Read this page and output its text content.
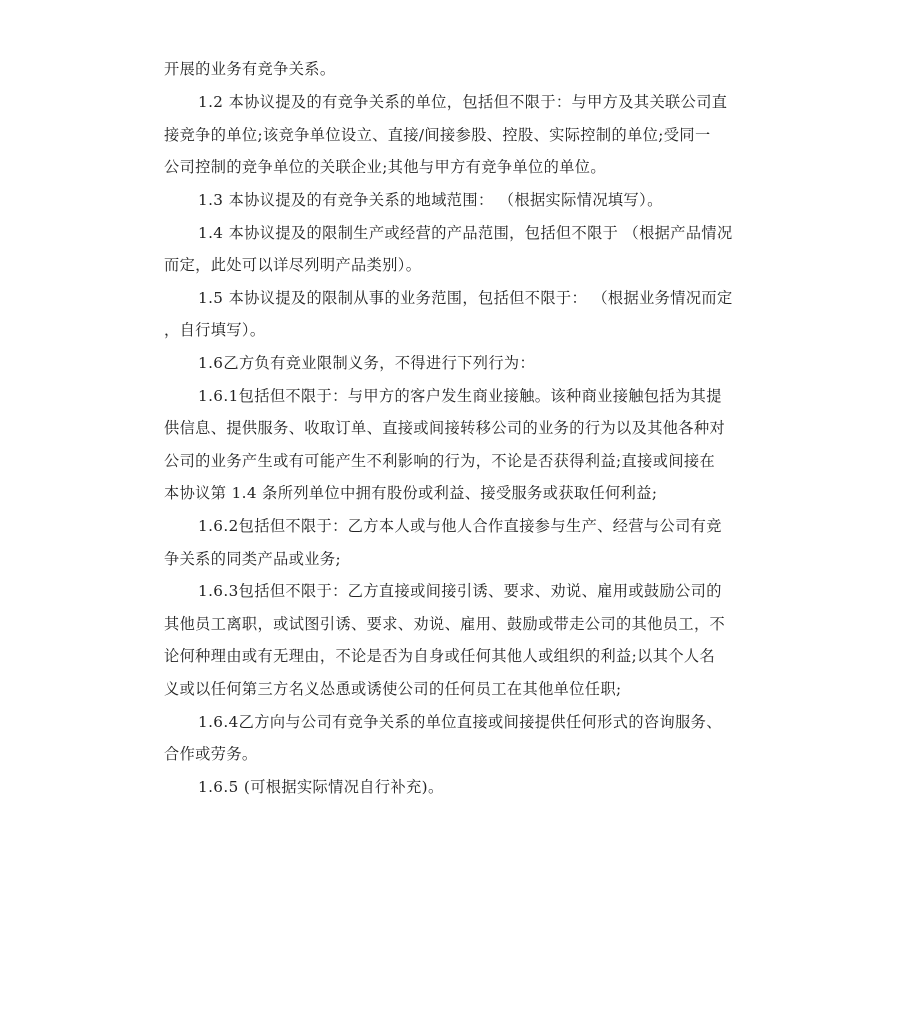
开展的业务有竞争关系。
1.2 本协议提及的有竞争关系的单位，包括但不限于：与甲方及其关联公司直
接竞争的单位;该竞争单位设立、直接/间接参股、控股、实际控制的单位;受同一
公司控制的竞争单位的关联企业;其他与甲方有竞争单位的单位。
1.3 本协议提及的有竞争关系的地域范围： （根据实际情况填写）。
1.4 本协议提及的限制生产或经营的产品范围，包括但不限于 （根据产品情况
而定，此处可以详尽列明产品类别）。
1.5 本协议提及的限制从事的业务范围，包括但不限于： （根据业务情况而定
，自行填写）。
1.6乙方负有竞业限制义务，不得进行下列行为：
1.6.1包括但不限于：与甲方的客户发生商业接触。该种商业接触包括为其提
供信息、提供服务、收取订单、直接或间接转移公司的业务的行为以及其他各种对
公司的业务产生或有可能产生不利影响的行为，不论是否获得利益;直接或间接在
本协议第 1.4 条所列单位中拥有股份或利益、接受服务或获取任何利益;
1.6.2包括但不限于：乙方本人或与他人合作直接参与生产、经营与公司有竞
争关系的同类产品或业务;
1.6.3包括但不限于：乙方直接或间接引诱、要求、劝说、雇用或鼓励公司的
其他员工离职，或试图引诱、要求、劝说、雇用、鼓励或带走公司的其他员工，不
论何种理由或有无理由，不论是否为自身或任何其他人或组织的利益;以其个人名
义或以任何第三方名义怂恿或诱使公司的任何员工在其他单位任职;
1.6.4乙方向与公司有竞争关系的单位直接或间接提供任何形式的咨询服务、
合作或劳务。
1.6.5 (可根据实际情况自行补充)。
